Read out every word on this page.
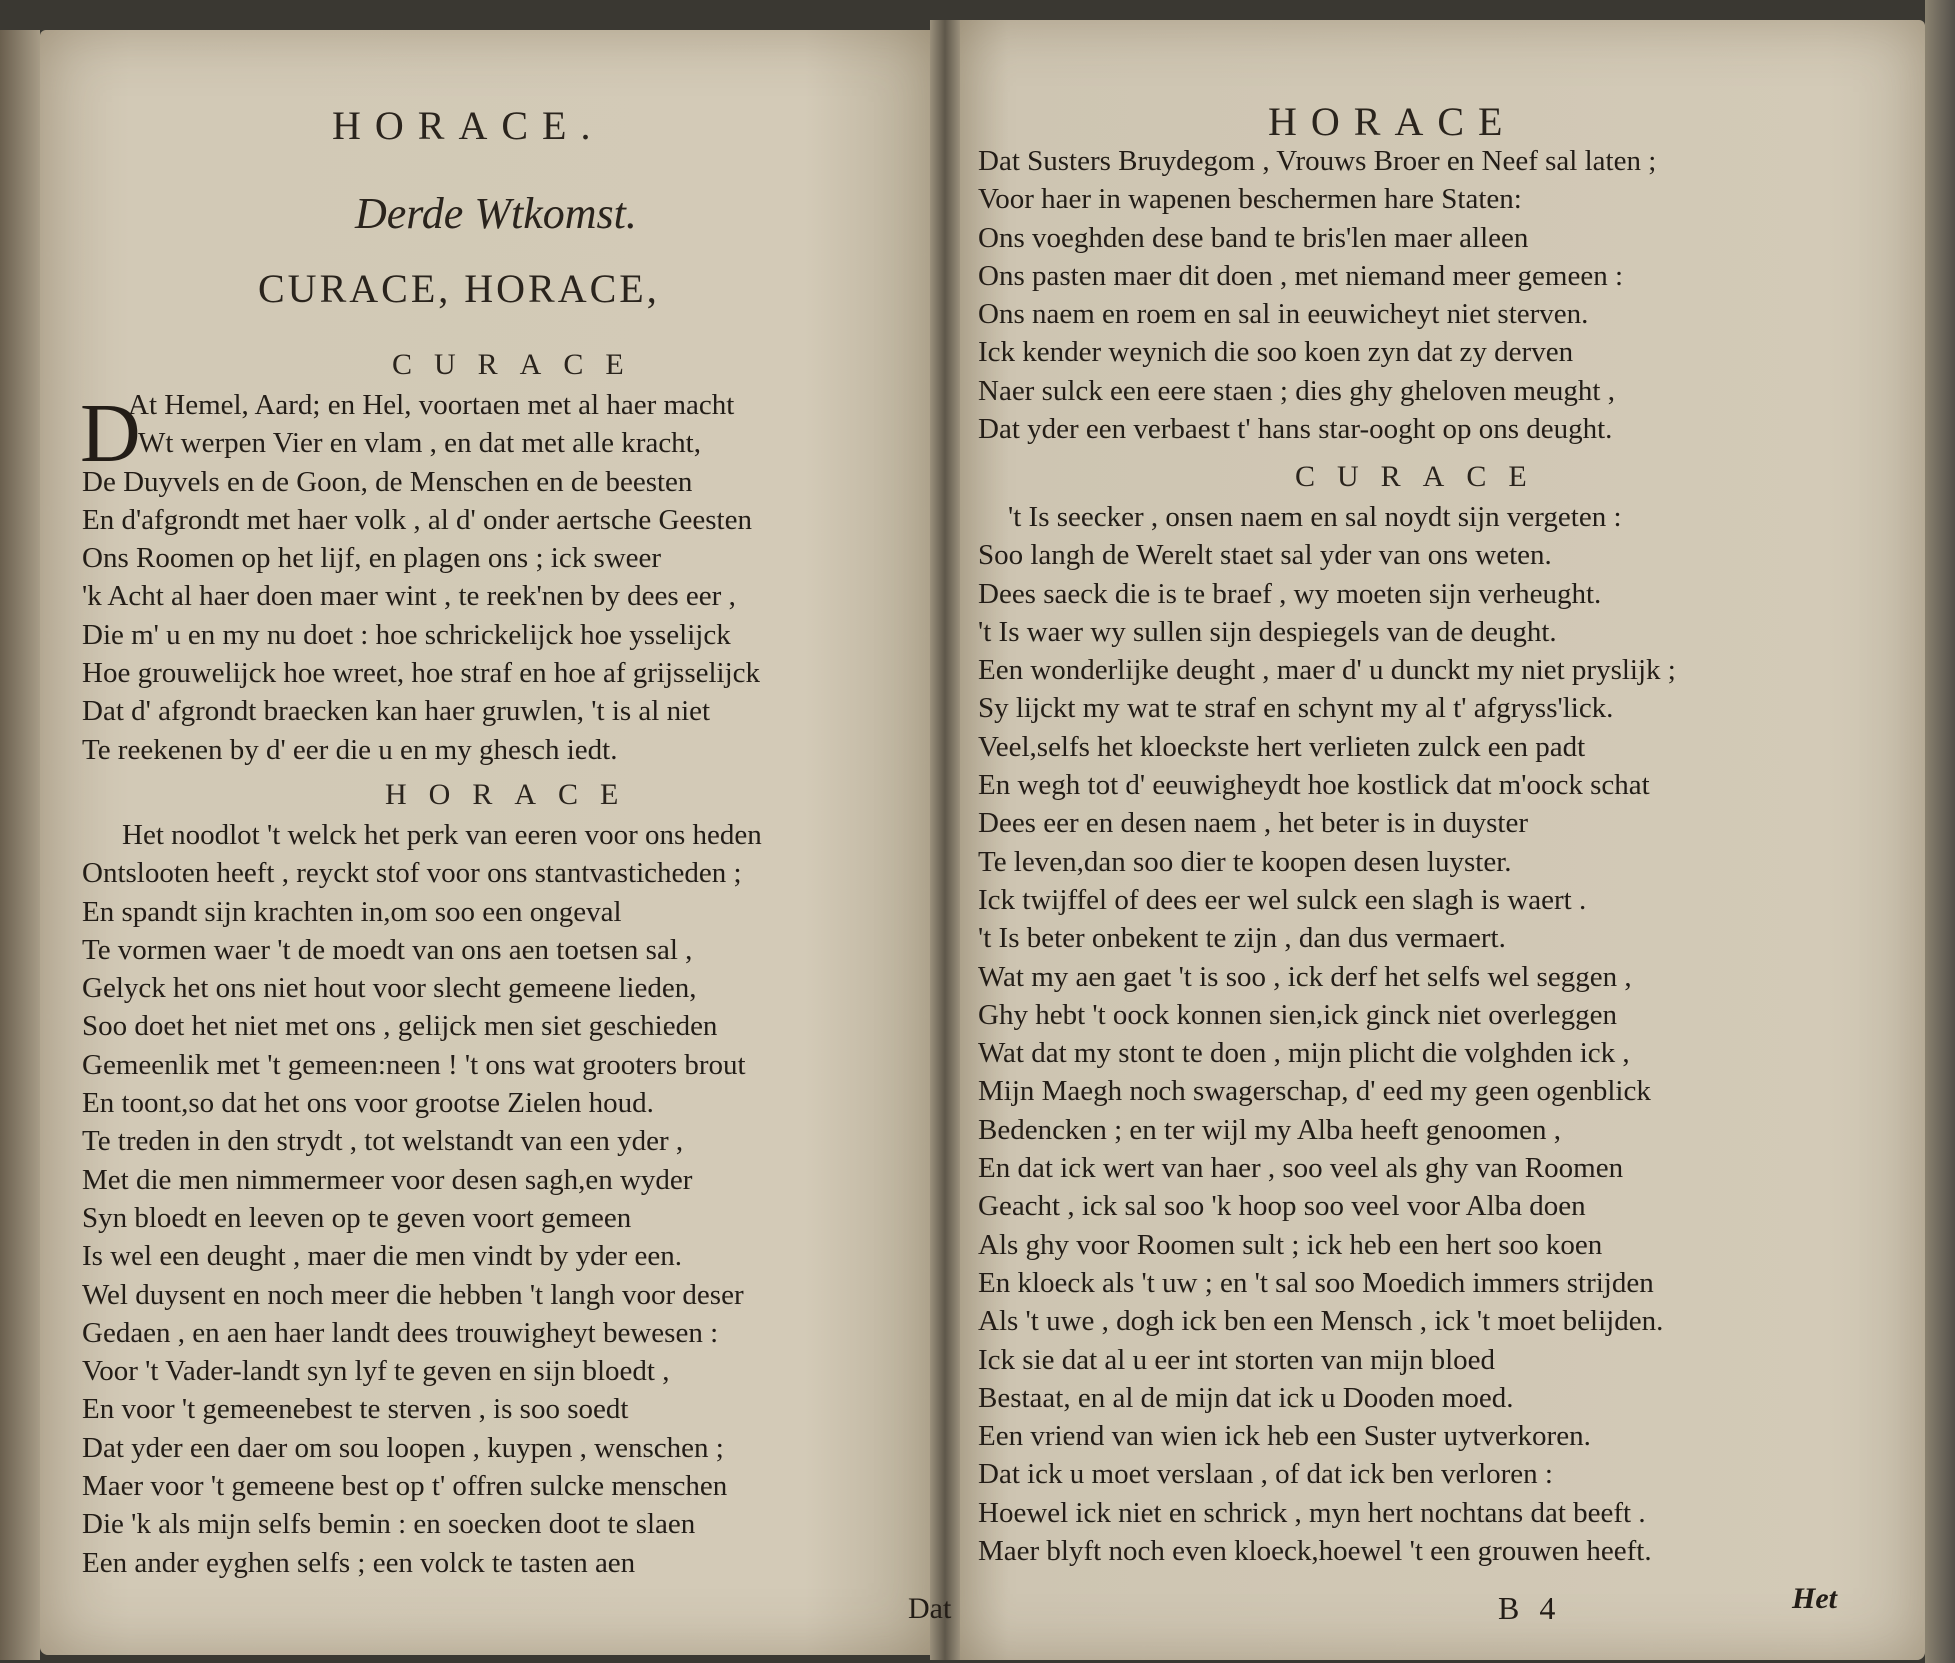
HORACE.
Derde Wtkomst.
CURACE, HORACE,
CURACE
D
At Hemel, Aard; en Hel, voortaen met al haer macht
Wt werpen Vier en vlam , en dat met alle kracht,
De Duyvels en de Goon, de Menschen en de beesten
En d'afgrondt met haer volk , al d' onder aertsche Geesten
Ons Roomen op het lijf, en plagen ons ; ick sweer
'k Acht al haer doen maer wint , te reek'nen by dees eer ,
Die m' u en my nu doet : hoe schrickelijck hoe ysselijck
Hoe grouwelijck hoe wreet, hoe straf en hoe af grijsselijck
Dat d' afgrondt braecken kan haer gruwlen, 't is al niet
Te reekenen by d' eer die u en my ghesch iedt.
HORACE
Het noodlot 't welck het perk van eeren voor ons heden
Ontslooten heeft , reyckt stof voor ons stantvasticheden ;
En spandt sijn krachten in,om soo een ongeval
Te vormen waer 't de moedt van ons aen toetsen sal ,
Gelyck het ons niet hout voor slecht gemeene lieden,
Soo doet het niet met ons , gelijck men siet geschieden
Gemeenlik met 't gemeen:neen ! 't ons wat grooters brout
En toont,so dat het ons voor grootse Zielen houd.
Te treden in den strydt , tot welstandt van een yder ,
Met die men nimmermeer voor desen sagh,en wyder
Syn bloedt en leeven op te geven voort gemeen
Is wel een deught , maer die men vindt by yder een.
Wel duysent en noch meer die hebben 't langh voor deser
Gedaen , en aen haer landt dees trouwigheyt bewesen :
Voor 't Vader-landt syn lyf te geven en sijn bloedt ,
En voor 't gemeenebest te sterven , is soo soedt
Dat yder een daer om sou loopen , kuypen , wenschen ;
Maer voor 't gemeene best op t' offren sulcke menschen
Die 'k als mijn selfs bemin : en soecken doot te slaen
Een ander eyghen selfs ; een volck te tasten aen
Dat
HORACE
Dat Susters Bruydegom , Vrouws Broer en Neef sal laten ;
Voor haer in wapenen beschermen hare Staten:
Ons voeghden dese band te bris'len maer alleen
Ons pasten maer dit doen , met niemand meer gemeen :
Ons naem en roem en sal in eeuwicheyt niet sterven.
Ick kender weynich die soo koen zyn dat zy derven
Naer sulck een eere staen ; dies ghy gheloven meught ,
Dat yder een verbaest t' hans star-ooght op ons deught.
CURACE
't Is seecker , onsen naem en sal noydt sijn vergeten :
Soo langh de Werelt staet sal yder van ons weten.
Dees saeck die is te braef , wy moeten sijn verheught.
't Is waer wy sullen sijn despiegels van de deught.
Een wonderlijke deught , maer d' u dunckt my niet pryslijk ;
Sy lijckt my wat te straf en schynt my al t' afgryss'lick.
Veel,selfs het kloeckste hert verlieten zulck een padt
En wegh tot d' eeuwigheydt hoe kostlick dat m'oock schat
Dees eer en desen naem , het beter is in duyster
Te leven,dan soo dier te koopen desen luyster.
Ick twijffel of dees eer wel sulck een slagh is waert .
't Is beter onbekent te zijn , dan dus vermaert.
Wat my aen gaet 't is soo , ick derf het selfs wel seggen ,
Ghy hebt 't oock konnen sien,ick ginck niet overleggen
Wat dat my stont te doen , mijn plicht die volghden ick ,
Mijn Maegh noch swagerschap, d' eed my geen ogenblick
Bedencken ; en ter wijl my Alba heeft genoomen ,
En dat ick wert van haer , soo veel als ghy van Roomen
Geacht , ick sal soo 'k hoop soo veel voor Alba doen
Als ghy voor Roomen sult ; ick heb een hert soo koen
En kloeck als 't uw ; en 't sal soo Moedich immers strijden
Als 't uwe , dogh ick ben een Mensch , ick 't moet belijden.
Ick sie dat al u eer int storten van mijn bloed
Bestaat, en al de mijn dat ick u Dooden moed.
Een vriend van wien ick heb een Suster uytverkoren.
Dat ick u moet verslaan , of dat ick ben verloren :
Hoewel ick niet en schrick , myn hert nochtans dat beeft .
Maer blyft noch even kloeck,hoewel 't een grouwen heeft.
B 4	Het
